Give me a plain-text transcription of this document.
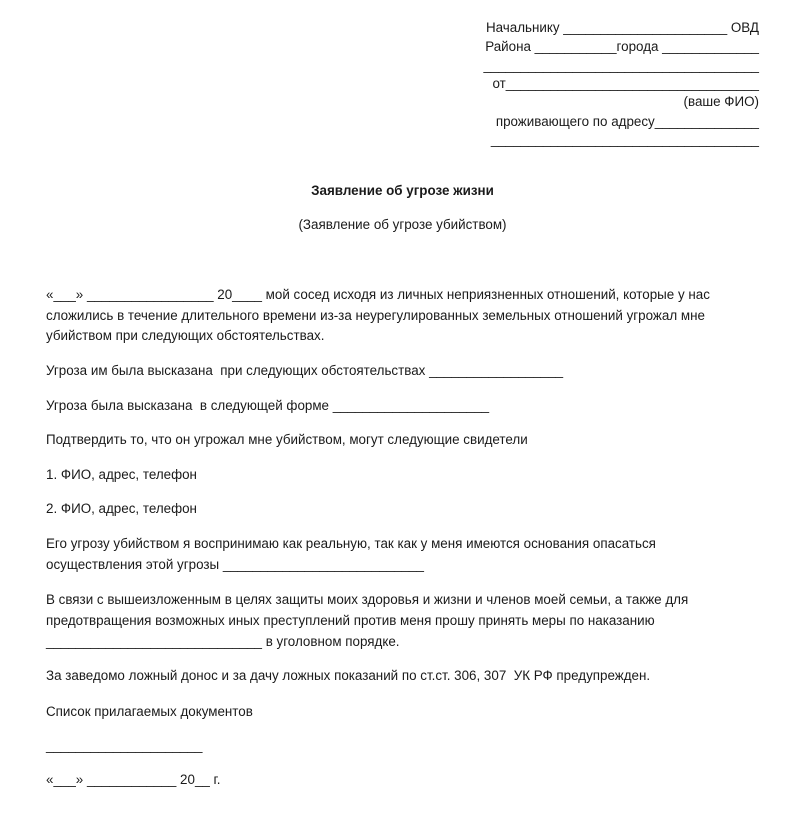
Начальнику ______________________ ОВД
Района ___________города _____________
_____________________________________
от__________________________________
(ваше ФИО)
проживающего по адресу______________
____________________________________
Заявление об угрозе жизни
(Заявление об угрозе убийством)
«___» _________________ 20____ мой сосед исходя из личных неприязненных отношений, которые у нас
сложились в течение длительного времени из-за неурегулированных земельных отношений угрожал мне
убийством при следующих обстоятельствах.
Угроза им была высказана  при следующих обстоятельствах __________________
Угроза была высказана  в следующей форме _____________________
Подтвердить то, что он угрожал мне убийством, могут следующие свидетели
1. ФИО, адрес, телефон
2. ФИО, адрес, телефон
Его угрозу убийством я воспринимаю как реальную, так как у меня имеются основания опасаться
осуществления этой угрозы ___________________________
В связи с вышеизложенным в целях защиты моих здоровья и жизни и членов моей семьи, а также для
предотвращения возможных иных преступлений против меня прошу принять меры по наказанию
_____________________________ в уголовном порядке.
За заведомо ложный донос и за дачу ложных показаний по ст.ст. 306, 307  УК РФ предупрежден.
Список прилагаемых документов
_____________________
«___» ____________ 20__ г.
